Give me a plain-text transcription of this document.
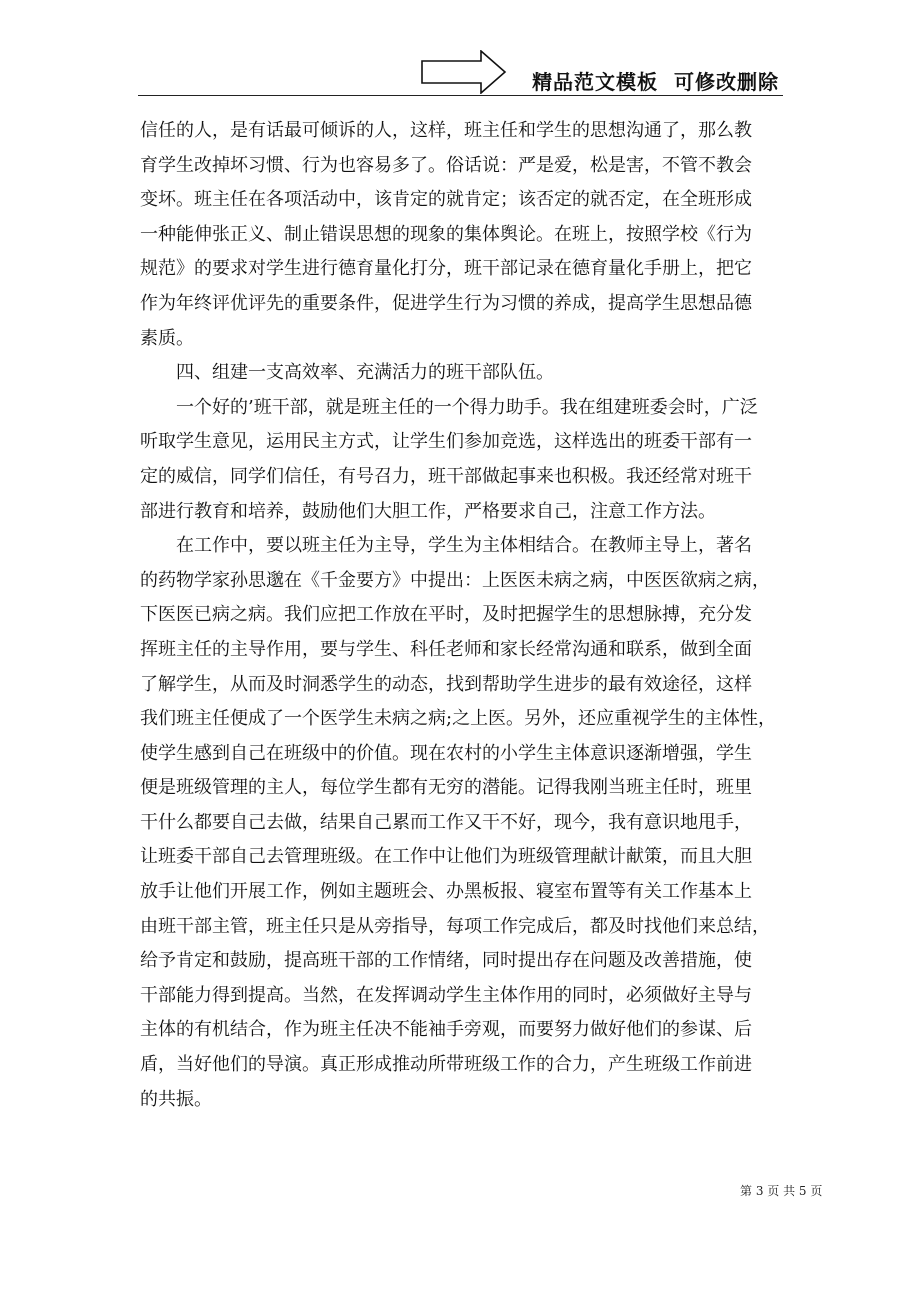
精品范文模板  可修改删除
信任的人，是有话最可倾诉的人，这样，班主任和学生的思想沟通了，那么教
育学生改掉坏习惯、行为也容易多了。俗话说：严是爱，松是害，不管不教会
变坏。班主任在各项活动中，该肯定的就肯定；该否定的就否定，在全班形成
一种能伸张正义、制止错误思想的现象的集体舆论。在班上，按照学校《行为
规范》的要求对学生进行德育量化打分，班干部记录在德育量化手册上，把它
作为年终评优评先的重要条件，促进学生行为习惯的养成，提高学生思想品德
素质。
四、组建一支高效率、充满活力的班干部队伍。
一个好的’班干部，就是班主任的一个得力助手。我在组建班委会时，广泛
听取学生意见，运用民主方式，让学生们参加竞选，这样选出的班委干部有一
定的威信，同学们信任，有号召力，班干部做起事来也积极。我还经常对班干
部进行教育和培养，鼓励他们大胆工作，严格要求自己，注意工作方法。
在工作中，要以班主任为主导，学生为主体相结合。在教师主导上，著名
的药物学家孙思邈在《千金要方》中提出：上医医未病之病，中医医欲病之病，
下医医已病之病。我们应把工作放在平时，及时把握学生的思想脉搏，充分发
挥班主任的主导作用，要与学生、科任老师和家长经常沟通和联系，做到全面
了解学生，从而及时洞悉学生的动态，找到帮助学生进步的最有效途径，这样
我们班主任便成了一个医学生未病之病;之上医。另外，还应重视学生的主体性，
使学生感到自己在班级中的价值。现在农村的小学生主体意识逐渐增强，学生
便是班级管理的主人，每位学生都有无穷的潜能。记得我刚当班主任时，班里
干什么都要自己去做，结果自己累而工作又干不好，现今，我有意识地甩手，
让班委干部自己去管理班级。在工作中让他们为班级管理献计献策，而且大胆
放手让他们开展工作，例如主题班会、办黑板报、寝室布置等有关工作基本上
由班干部主管，班主任只是从旁指导，每项工作完成后，都及时找他们来总结，
给予肯定和鼓励，提高班干部的工作情绪，同时提出存在问题及改善措施，使
干部能力得到提高。当然，在发挥调动学生主体作用的同时，必须做好主导与
主体的有机结合，作为班主任决不能袖手旁观，而要努力做好他们的参谋、后
盾，当好他们的导演。真正形成推动所带班级工作的合力，产生班级工作前进
的共振。
第 3 页 共 5 页
